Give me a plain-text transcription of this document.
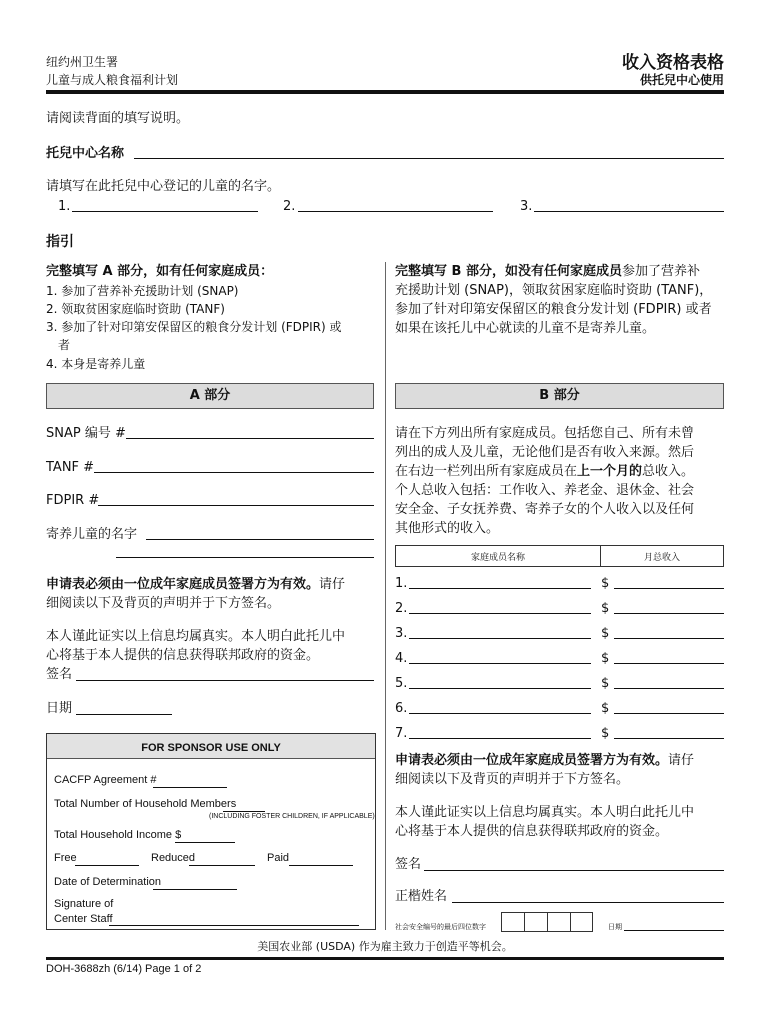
纽约州卫生署
儿童与成人粮食福利计划
收入资格表格
供托兒中心使用
请阅读背面的填写说明。
托兒中心名称
请填写在此托兒中心登记的儿童的名字。
1.	2.	3.
指引
完整填写 A 部分，如有任何家庭成员：
1. 参加了营养补充援助计划 (SNAP)
2. 领取贫困家庭临时资助 (TANF)
3. 参加了针对印第安保留区的粮食分发计划 (FDPIR) 或
者
4. 本身是寄养儿童
A 部分
SNAP 编号 #
TANF #
FDPIR #
寄养儿童的名字
申请表必须由一位成年家庭成员签署方为有效。请仔
细阅读以下及背页的声明并于下方签名。
本人谨此证实以上信息均属真实。本人明白此托儿中
心将基于本人提供的信息获得联邦政府的资金。
签名
日期
FOR SPONSOR USE ONLY
CACFP Agreement #
Total Number of Household Members
(INCLUDING FOSTER CHILDREN, IF APPLICABLE)
Total Household Income $
Free	Reduced	Paid
Date of Determination
Signature of
Center Staff
完整填写 B 部分，如没有任何家庭成员参加了营养补
充援助计划 (SNAP)，领取贫困家庭临时资助 (TANF)，
参加了针对印第安保留区的粮食分发计划 (FDPIR) 或者
如果在该托儿中心就读的儿童不是寄养儿童。
B 部分
请在下方列出所有家庭成员。包括您自己、所有未曾
列出的成人及儿童，无论他们是否有收入来源。然后
在右边一栏列出所有家庭成员在上一个月的总收入。
个人总收入包括：工作收入、养老金、退休金、社会
安全金、子女抚养费、寄养子女的个人收入以及任何
其他形式的收入。
家庭成员名称	月总收入
1.	$
2.	$
3.	$
4.	$
5.	$
6.	$
7.	$
申请表必须由一位成年家庭成员签署方为有效。请仔
细阅读以下及背页的声明并于下方签名。
本人谨此证实以上信息均属真实。本人明白此托儿中
心将基于本人提供的信息获得联邦政府的资金。
签名
正楷姓名
社会安全编号的最后四位数字	日期
美国农业部 (USDA) 作为雇主致力于创造平等机会。
DOH-3688zh (6/14) Page 1 of 2
